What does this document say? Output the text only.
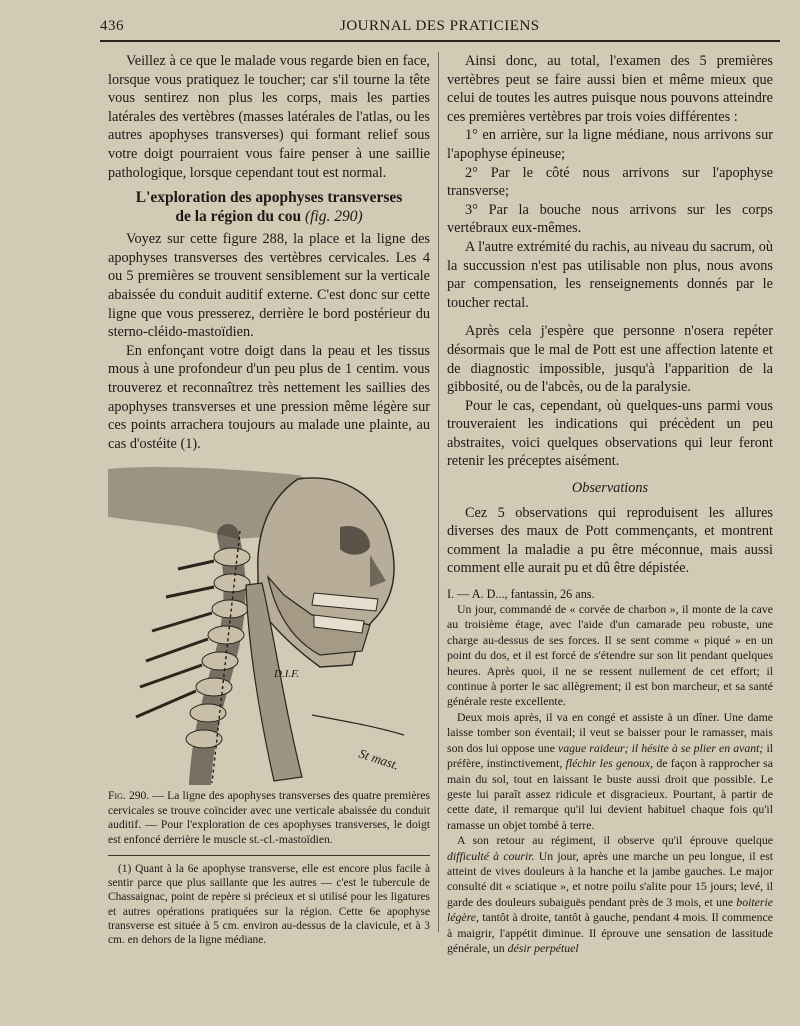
436	JOURNAL DES PRATICIENS

Veillez à ce que le malade vous regarde bien en face, lorsque vous pratiquez le toucher; car s'il tourne la tête vous sentirez non plus les corps, mais les parties latérales des vertèbres (masses latérales de l'atlas, ou les autres apophyses transverses) qui formant relief sous votre doigt pourraient vous faire penser à une saillie pathologique, lorsque cependant tout est normal.

L'exploration des apophyses transverses
de la région du cou (fig. 290)

Voyez sur cette figure 288, la place et la ligne des apophyses transverses des vertèbres cervicales. Les 4 ou 5 premières se trouvent sensiblement sur la verticale abaissée du conduit auditif externe. C'est donc sur cette ligne que vous presserez, derrière le bord postérieur du sterno-cléido-mastoïdien.

En enfonçant votre doigt dans la peau et les tissus mous à une profondeur d'un peu plus de 1 centim. vous trouverez et reconnaîtrez très nettement les saillies des apophyses transverses et une pression même légère sur ces points arrachera toujours au malade une plainte, au cas d'ostéite (1).

D.I.F.
St mast.
Fig. 290. — La ligne des apophyses transverses des quatre premières cervicales se trouve coïncider avec une verticale abaissée du conduit auditif. — Pour l'exploration de ces apophyses transverses, le doigt est enfoncé derrière le muscle st.-cl.-mastoïdien.

(1) Quant à la 6e apophyse transverse, elle est encore plus facile à sentir parce que plus saillante que les autres — c'est le tubercule de Chassaignac, point de repère si précieux et si utilisé pour les ligatures et autres opérations pratiquées sur la région. Cette 6e apophyse transverse est située à 5 cm. environ au-dessus de la clavicule, et à 3 cm. en dehors de la ligne médiane.

Ainsi donc, au total, l'examen des 5 premières vertèbres peut se faire aussi bien et même mieux que celui de toutes les autres puisque nous pouvons atteindre ces premières vertèbres par trois voies différentes :

1° en arrière, sur la ligne médiane, nous arrivons sur l'apophyse épineuse;

2° Par le côté nous arrivons sur l'apophyse transverse;

3° Par la bouche nous arrivons sur les corps vertébraux eux-mêmes.

A l'autre extrémité du rachis, au niveau du sacrum, où la succussion n'est pas utilisable non plus, nous avons par compensation, les renseignements donnés par le toucher rectal.

Après cela j'espère que personne n'osera repéter désormais que le mal de Pott est une affection latente et de diagnostic impossible, jusqu'à l'apparition de la gibbosité, ou de l'abcès, ou de la paralysie.

Pour le cas, cependant, où quelques-uns parmi vous trouveraient les indications qui précèdent un peu abstraites, voici quelques observations qui leur feront retenir les préceptes aisément.

Observations

Cez 5 observations qui reproduisent les allures diverses des maux de Pott commençants, et montrent comment la maladie a pu être méconnue, mais aussi comment elle aurait pu et dû être dépistée.

I. — A. D..., fantassin, 26 ans.

Un jour, commandé de « corvée de charbon », il monte de la cave au troisième étage, avec l'aide d'un camarade peu robuste, une charge au-dessus de ses forces. Il se sent comme « piqué » en un point du dos, et il est forcé de s'étendre sur son lit pendant quelques heures. Après quoi, il ne se ressent nullement de cet effort; il continue à porter le sac allègrement; il est bon marcheur, et sa santé générale reste excellente.

Deux mois après, il va en congé et assiste à un dîner. Une dame laisse tomber son éventail; il veut se baisser pour le ramasser, mais son dos lui oppose une vague raideur; il hésite à se plier en avant; il préfère, instinctivement, fléchir les genoux, de façon à rapprocher sa main du sol, tout en laissant le buste aussi droit que possible. Le geste lui paraît assez ridicule et disgracieux. Pourtant, à partir de cette date, il remarque qu'il lui devient habituel chaque fois qu'il ramasse un objet tombé à terre.

A son retour au régiment, il observe qu'il éprouve quelque difficulté à courir. Un jour, après une marche un peu longue, il est atteint de vives douleurs à la hanche et la jambe gauches. Le major consulté dit « sciatique », et notre poilu s'alite pour 15 jours; levé, il garde des douleurs subaiguës pendant près de 3 mois, et une boiterie légère, tantôt à droite, tantôt à gauche, pendant 4 mois. Il commence à maigrir, l'appétit diminue. Il éprouve une sensation de lassitude générale, un désir perpétuel
